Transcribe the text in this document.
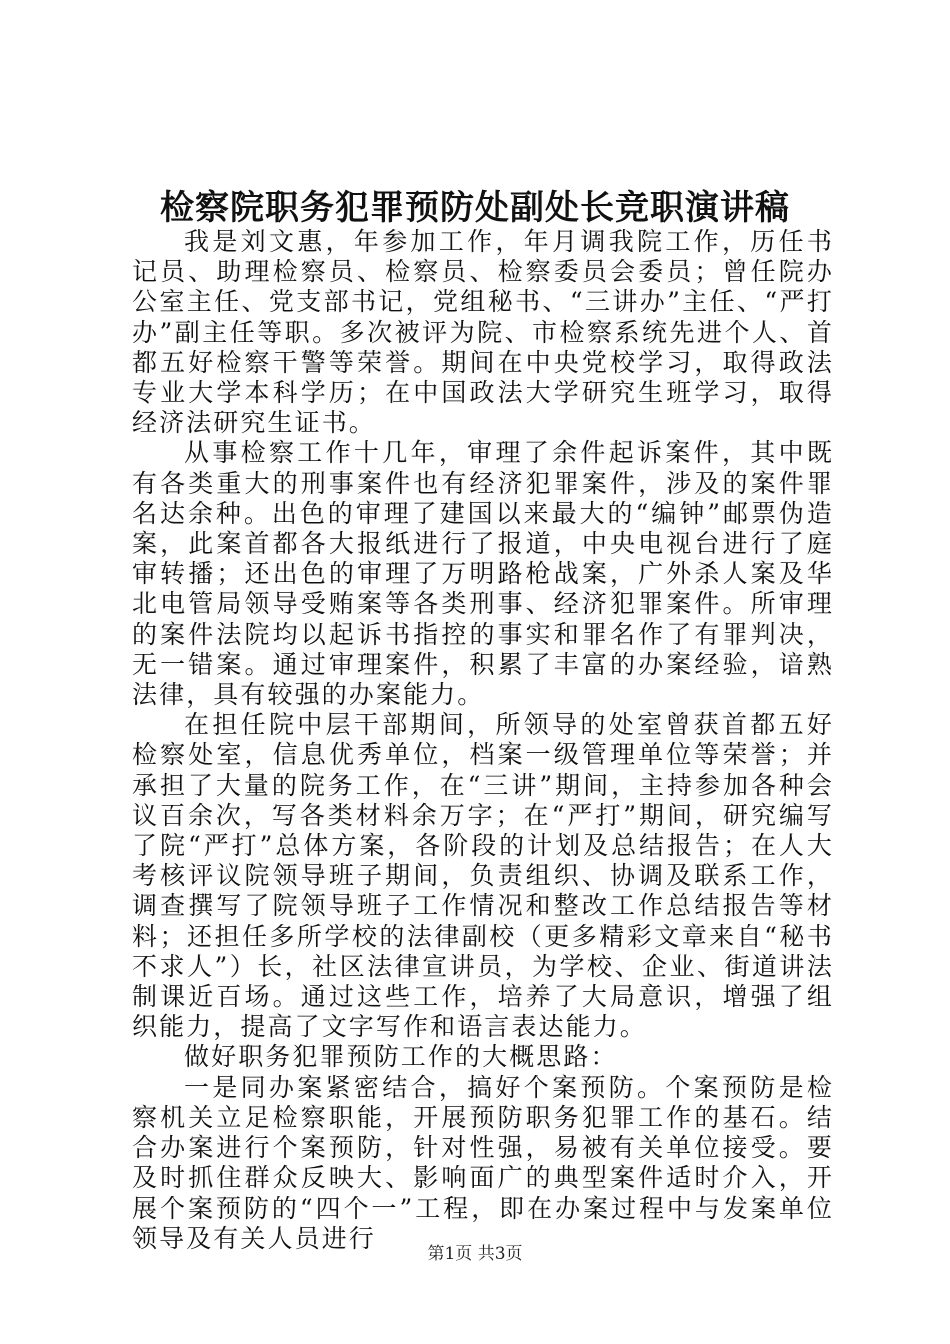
检察院职务犯罪预防处副处长竞职演讲稿

我是刘文惠，年参加工作，年月调我院工作，历任书记员、助理检察员、检察员、检察委员会委员；曾任院办公室主任、党支部书记，党组秘书、“三讲办”主任、“严打办”副主任等职。多次被评为院、市检察系统先进个人、首都五好检察干警等荣誉。期间在中央党校学习，取得政法专业大学本科学历；在中国政法大学研究生班学习，取得经济法研究生证书。

从事检察工作十几年，审理了余件起诉案件，其中既有各类重大的刑事案件也有经济犯罪案件，涉及的案件罪名达余种。出色的审理了建国以来最大的“编钟”邮票伪造案，此案首都各大报纸进行了报道，中央电视台进行了庭审转播；还出色的审理了万明路枪战案，广外杀人案及华北电管局领导受贿案等各类刑事、经济犯罪案件。所审理的案件法院均以起诉书指控的事实和罪名作了有罪判决，无一错案。通过审理案件，积累了丰富的办案经验，谙熟法律，具有较强的办案能力。

在担任院中层干部期间，所领导的处室曾获首都五好检察处室，信息优秀单位，档案一级管理单位等荣誉；并承担了大量的院务工作，在“三讲”期间，主持参加各种会议百余次，写各类材料余万字；在“严打”期间，研究编写了院“严打”总体方案，各阶段的计划及总结报告；在人大考核评议院领导班子期间，负责组织、协调及联系工作，调查撰写了院领导班子工作情况和整改工作总结报告等材料；还担任多所学校的法律副校（更多精彩文章来自“秘书不求人”）长，社区法律宣讲员，为学校、企业、街道讲法制课近百场。通过这些工作，培养了大局意识，增强了组织能力，提高了文字写作和语言表达能力。

做好职务犯罪预防工作的大概思路：

一是同办案紧密结合，搞好个案预防。个案预防是检察机关立足检察职能，开展预防职务犯罪工作的基石。结合办案进行个案预防，针对性强，易被有关单位接受。要及时抓住群众反映大、影响面广的典型案件适时介入，开展个案预防的“四个一”工程，即在办案过程中与发案单位领导及有关人员进行

第1页 共3页
